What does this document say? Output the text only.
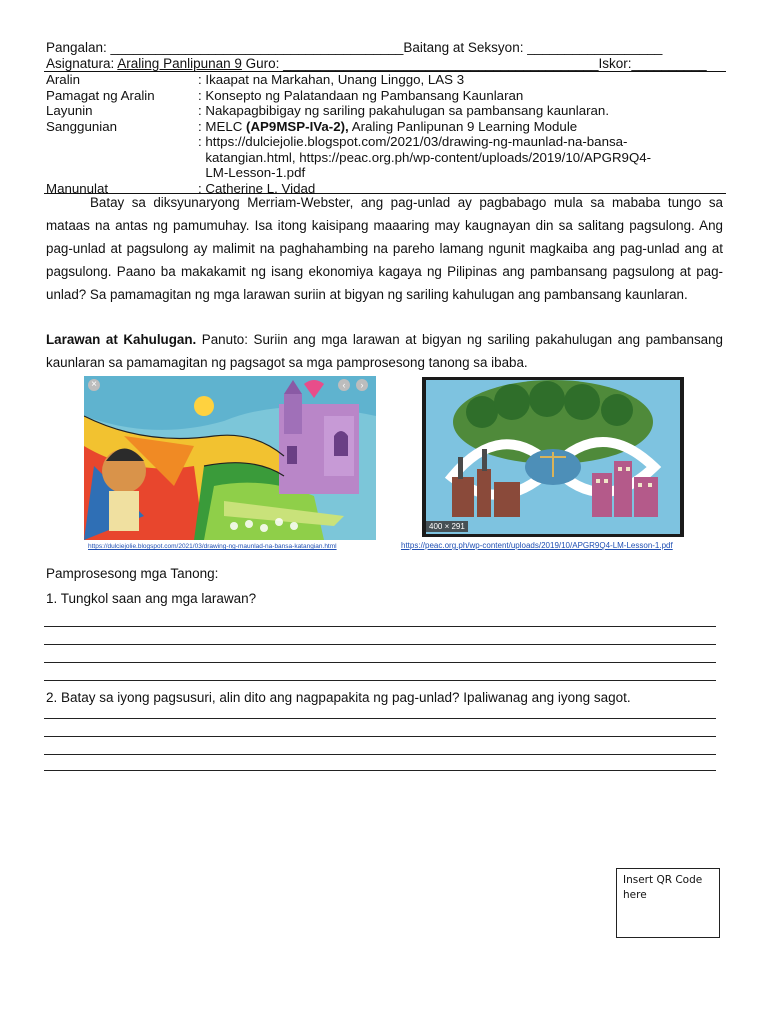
Pangalan: _______________________________________Baitang at Seksyon: __________________
Asignatura: Araling Panlipunan 9 Guro: __________________________________________Iskor:__________
Aralin	: Ikaapat na Markahan, Unang Linggo, LAS 3
Pamagat ng Aralin	: Konsepto ng Palatandaan ng Pambansang Kaunlaran
Layunin	: Nakapagbibigay ng sariling pakahulugan sa pambansang kaunlaran.
Sanggunian	: MELC (AP9MSP-IVa-2), Araling Panlipunan 9 Learning Module
: https://dulciejolie.blogspot.com/2021/03/drawing-ng-maunlad-na-bansa-
katangian.html, https://peac.org.ph/wp-content/uploads/2019/10/APGR9Q4-
LM-Lesson-1.pdf
Manunulat	: Catherine L. Vidad
Batay sa diksyunaryong Merriam-Webster, ang pag-unlad ay pagbabago mula sa mababa tungo sa mataas na antas ng pamumuhay. Isa itong kaisipang maaaring may kaugnayan din sa salitang pagsulong. Ang pag-unlad at pagsulong ay malimit na paghahambing na pareho lamang ngunit magkaiba ang pag-unlad ang at pagsulong. Paano ba makakamit ng isang ekonomiya kagaya ng Pilipinas ang pambansang pagsulong at pag-unlad? Sa pamamagitan ng mga larawan suriin at bigyan ng sariling kahulugan ang pambansang kaunlaran.
Larawan at Kahulugan. Panuto: Suriin ang mga larawan at bigyan ng sariling pakahulugan ang pambansang kaunlaran sa pamamagitan ng pagsagot sa mga pamprosesong tanong sa ibaba.
×	‹	›
https://dulciejolie.blogspot.com/2021/03/drawing-ng-maunlad-na-bansa-katangian.html
400 × 291
https://peac.org.ph/wp-content/uploads/2019/10/APGR9Q4-LM-Lesson-1.pdf
Pamprosesong mga Tanong:
1. Tungkol saan ang mga larawan?
2. Batay sa iyong pagsusuri, alin dito ang nagpapakita ng pag-unlad? Ipaliwanag ang iyong sagot.
Insert QR Code
here
